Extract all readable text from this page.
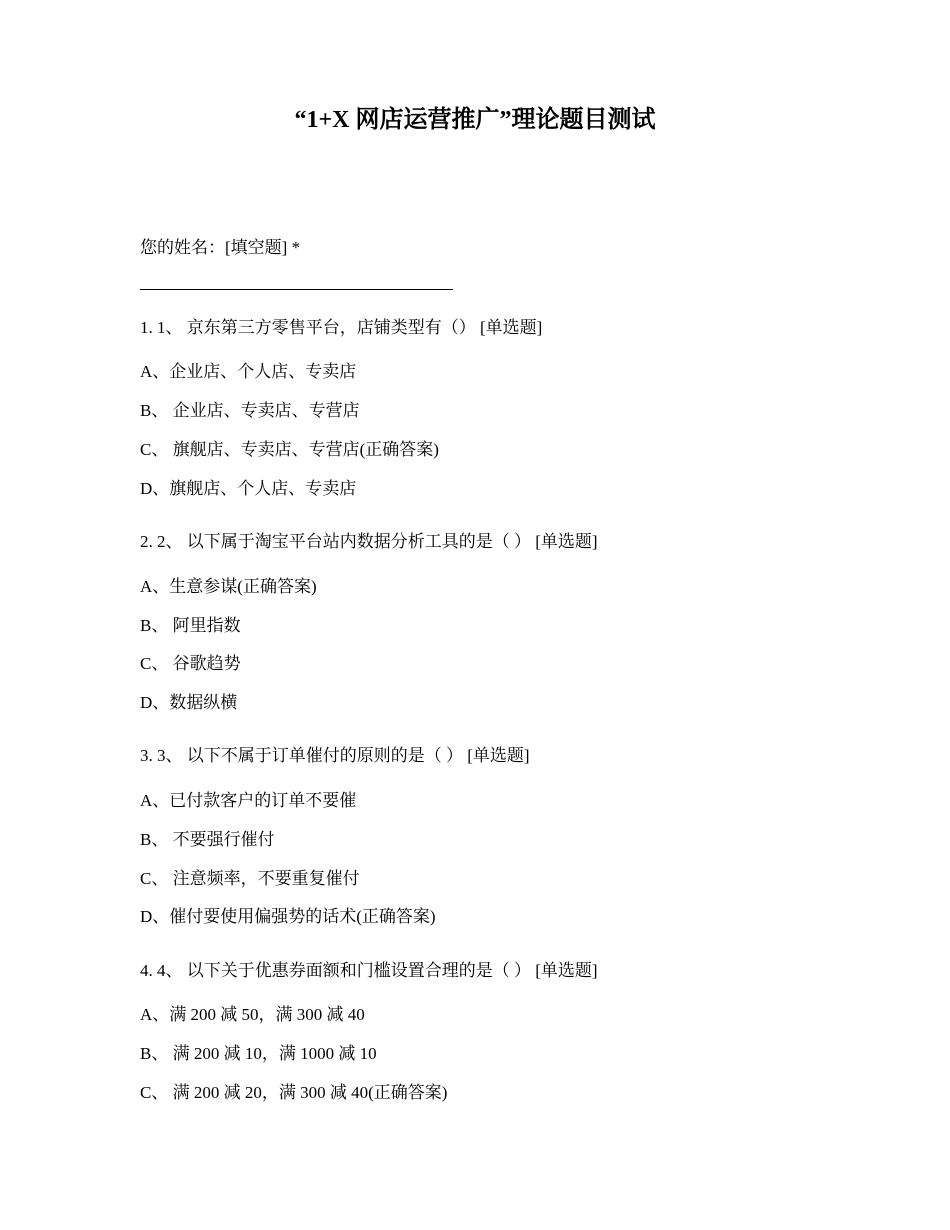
“1+X 网店运营推广”理论题目测试
您的姓名：[填空题] *
1. 1、 京东第三方零售平台，店铺类型有（） [单选题]
A、企业店、个人店、专卖店
B、 企业店、专卖店、专营店
C、 旗舰店、专卖店、专营店(正确答案)
D、旗舰店、个人店、专卖店
2. 2、 以下属于淘宝平台站内数据分析工具的是（ ） [单选题]
A、生意参谋(正确答案)
B、 阿里指数
C、 谷歌趋势
D、数据纵横
3. 3、 以下不属于订单催付的原则的是（ ） [单选题]
A、已付款客户的订单不要催
B、 不要强行催付
C、 注意频率，不要重复催付
D、催付要使用偏强势的话术(正确答案)
4. 4、 以下关于优惠券面额和门槛设置合理的是（ ） [单选题]
A、满 200 减 50，满 300 减 40
B、 满 200 减 10，满 1000 减 10
C、 满 200 减 20，满 300 减 40(正确答案)
